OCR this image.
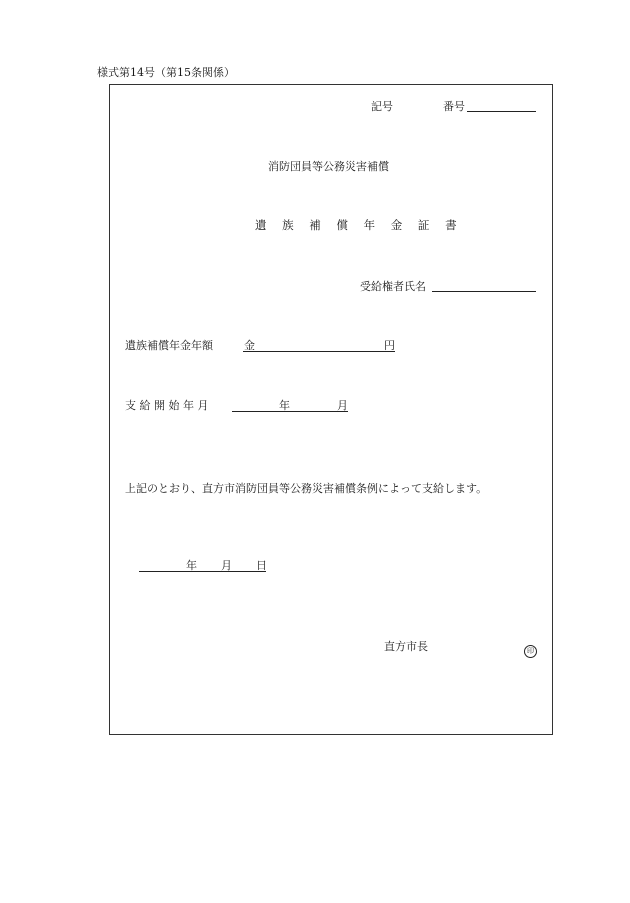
様式第14号（第15条関係）
記号	番号
消防団員等公務災害補償
遺 族 補 償 年 金 証 書
受給権者氏名
遺族補償年金年額	金	円
支 給 開 始 年 月	年	月
上記のとおり、直方市消防団員等公務災害補償条例によって支給します。
年 月 日
直方市長	印
